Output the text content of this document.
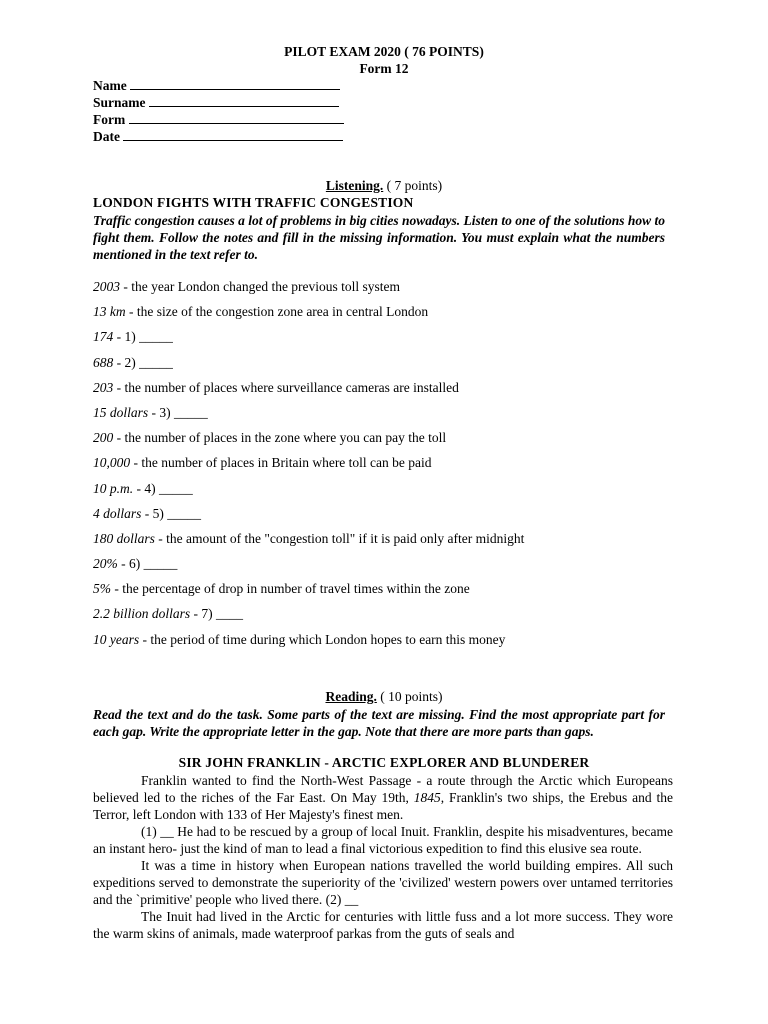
PILOT EXAM 2020 ( 76 POINTS)
Form 12
Name
Surname
Form
Date
Listening. ( 7 points)
LONDON FIGHTS WITH TRAFFIC CONGESTION
Traffic congestion causes a lot of problems in big cities nowadays. Listen to one of the solutions how to fight them. Follow the notes and fill in the missing information. You must explain what the numbers mentioned in the text refer to.
2003 - the year London changed the previous toll system
13 km - the size of the congestion zone area in central London
174 - 1) _____
688 - 2) _____
203 - the number of places where surveillance cameras are installed
15 dollars - 3) _____
200 - the number of places in the zone where you can pay the toll
10,000 - the number of places in Britain where toll can be paid
10 p.m. - 4) _____
4 dollars - 5) _____
180 dollars - the amount of the "congestion toll" if it is paid only after midnight
20% - 6) _____
5% - the percentage of drop in number of travel times within the zone
2.2 billion dollars - 7) ____
10 years - the period of time during which London hopes to earn this money
Reading. ( 10 points)
Read the text and do the task. Some parts of the text are missing. Find the most appropriate part for each gap. Write the appropriate letter in the gap. Note that there are more parts than gaps.
SIR JOHN FRANKLIN - ARCTIC EXPLORER AND BLUNDERER

Franklin wanted to find the North-West Passage - a route through the Arctic which Europeans believed led to the riches of the Far East. On May 19th, 1845, Franklin's two ships, the Erebus and the Terror, left London with 133 of Her Majesty's finest men.

(1) __ He had to be rescued by a group of local Inuit. Franklin, despite his misadventures, became an instant hero- just the kind of man to lead a final victorious expedition to find this elusive sea route.

It was a time in history when European nations travelled the world building empires. All such expeditions served to demonstrate the superiority of the 'civilized' western powers over untamed territories and the `primitive' people who lived there. (2) __

The Inuit had lived in the Arctic for centuries with little fuss and a lot more success. They wore the warm skins of animals, made waterproof parkas from the guts of seals and
